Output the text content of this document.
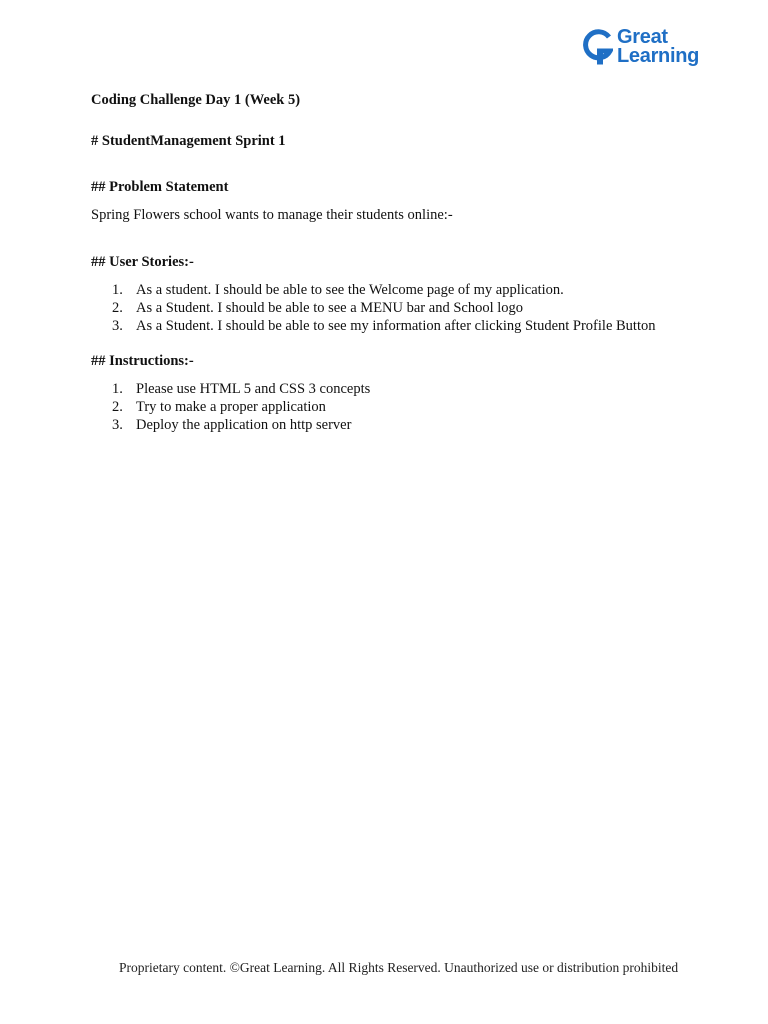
Great
Learning

Coding Challenge Day 1 (Week 5)

# StudentManagement Sprint 1

## Problem Statement

Spring Flowers school wants to manage their students online:-

## User Stories:-

1. As a student. I should be able to see the Welcome page of my application.
2. As a Student. I should be able to see a MENU bar and School logo
3. As a Student. I should be able to see my information after clicking Student Profile Button

## Instructions:-

1. Please use HTML 5 and CSS 3 concepts
2. Try to make a proper application
3. Deploy the application on http server

Proprietary content. ©Great Learning. All Rights Reserved. Unauthorized use or distribution prohibited
